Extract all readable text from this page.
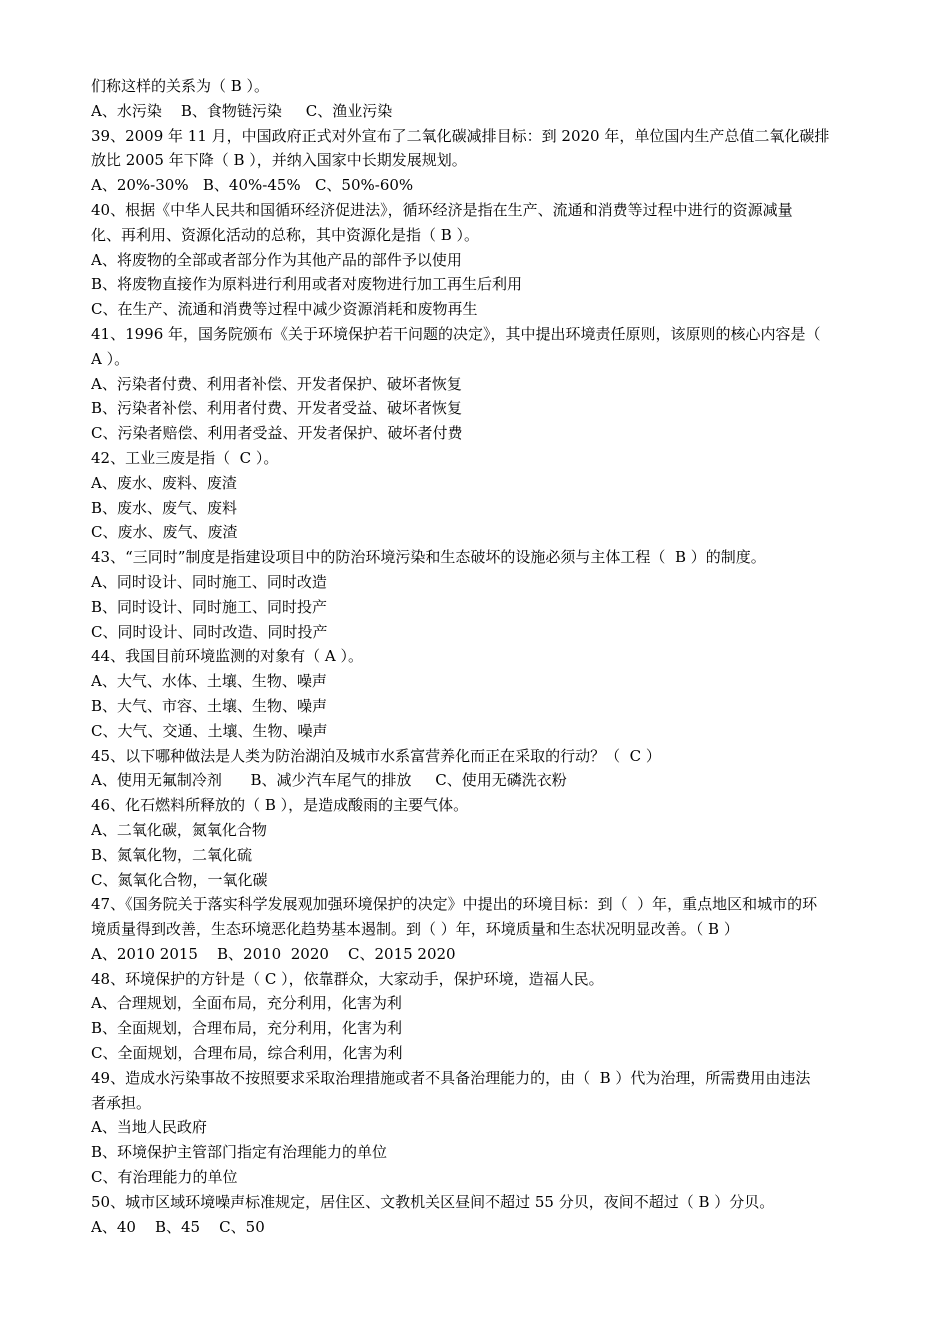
们称这样的关系为（ B ）。
A、水污染    B、食物链污染     C、渔业污染
39、2009 年 11 月，中国政府正式对外宣布了二氧化碳减排目标：到 2020 年，单位国内生产总值二氧化碳排
放比 2005 年下降（ B ），并纳入国家中长期发展规划。
A、20%-30%   B、40%-45%   C、50%-60%
40、根据《中华人民共和国循环经济促进法》，循环经济是指在生产、流通和消费等过程中进行的资源减量
化、再利用、资源化活动的总称，其中资源化是指（ B ）。
A、将废物的全部或者部分作为其他产品的部件予以使用
B、将废物直接作为原料进行利用或者对废物进行加工再生后利用
C、在生产、流通和消费等过程中减少资源消耗和废物再生
41、1996 年，国务院颁布《关于环境保护若干问题的决定》，其中提出环境责任原则，该原则的核心内容是（
A ）。
A、污染者付费、利用者补偿、开发者保护、破坏者恢复
B、污染者补偿、利用者付费、开发者受益、破坏者恢复
C、污染者赔偿、利用者受益、开发者保护、破坏者付费
42、工业三废是指（  C ）。
A、废水、废料、废渣
B、废水、废气、废料
C、废水、废气、废渣
43、“三同时”制度是指建设项目中的防治环境污染和生态破坏的设施必须与主体工程（  B ）的制度。
A、同时设计、同时施工、同时改造
B、同时设计、同时施工、同时投产
C、同时设计、同时改造、同时投产
44、我国目前环境监测的对象有（ A ）。
A、大气、水体、土壤、生物、噪声
B、大气、市容、土壤、生物、噪声
C、大气、交通、土壤、生物、噪声
45、以下哪种做法是人类为防治湖泊及城市水系富营养化而正在采取的行动？（  C ）
A、使用无氟制冷剂      B、减少汽车尾气的排放     C、使用无磷洗衣粉
46、化石燃料所释放的（ B ），是造成酸雨的主要气体。
A、二氧化碳，氮氧化合物
B、氮氧化物，二氧化硫
C、氮氧化合物，一氧化碳
47、《国务院关于落实科学发展观加强环境保护的决定》中提出的环境目标：到（  ）年，重点地区和城市的环
境质量得到改善，生态环境恶化趋势基本遏制。到（ ）年，环境质量和生态状况明显改善。（ B ）
A、2010 2015    B、2010  2020    C、2015 2020
48、环境保护的方针是（ C ），依靠群众，大家动手，保护环境，造福人民。
A、合理规划，全面布局，充分利用，化害为利
B、全面规划，合理布局，充分利用，化害为利
C、全面规划，合理布局，综合利用，化害为利
49、造成水污染事故不按照要求采取治理措施或者不具备治理能力的，由（  B ）代为治理，所需费用由违法
者承担。
A、当地人民政府
B、环境保护主管部门指定有治理能力的单位
C、有治理能力的单位
50、城市区域环境噪声标准规定，居住区、文教机关区昼间不超过 55 分贝，夜间不超过（ B ）分贝。
A、40    B、45    C、50
